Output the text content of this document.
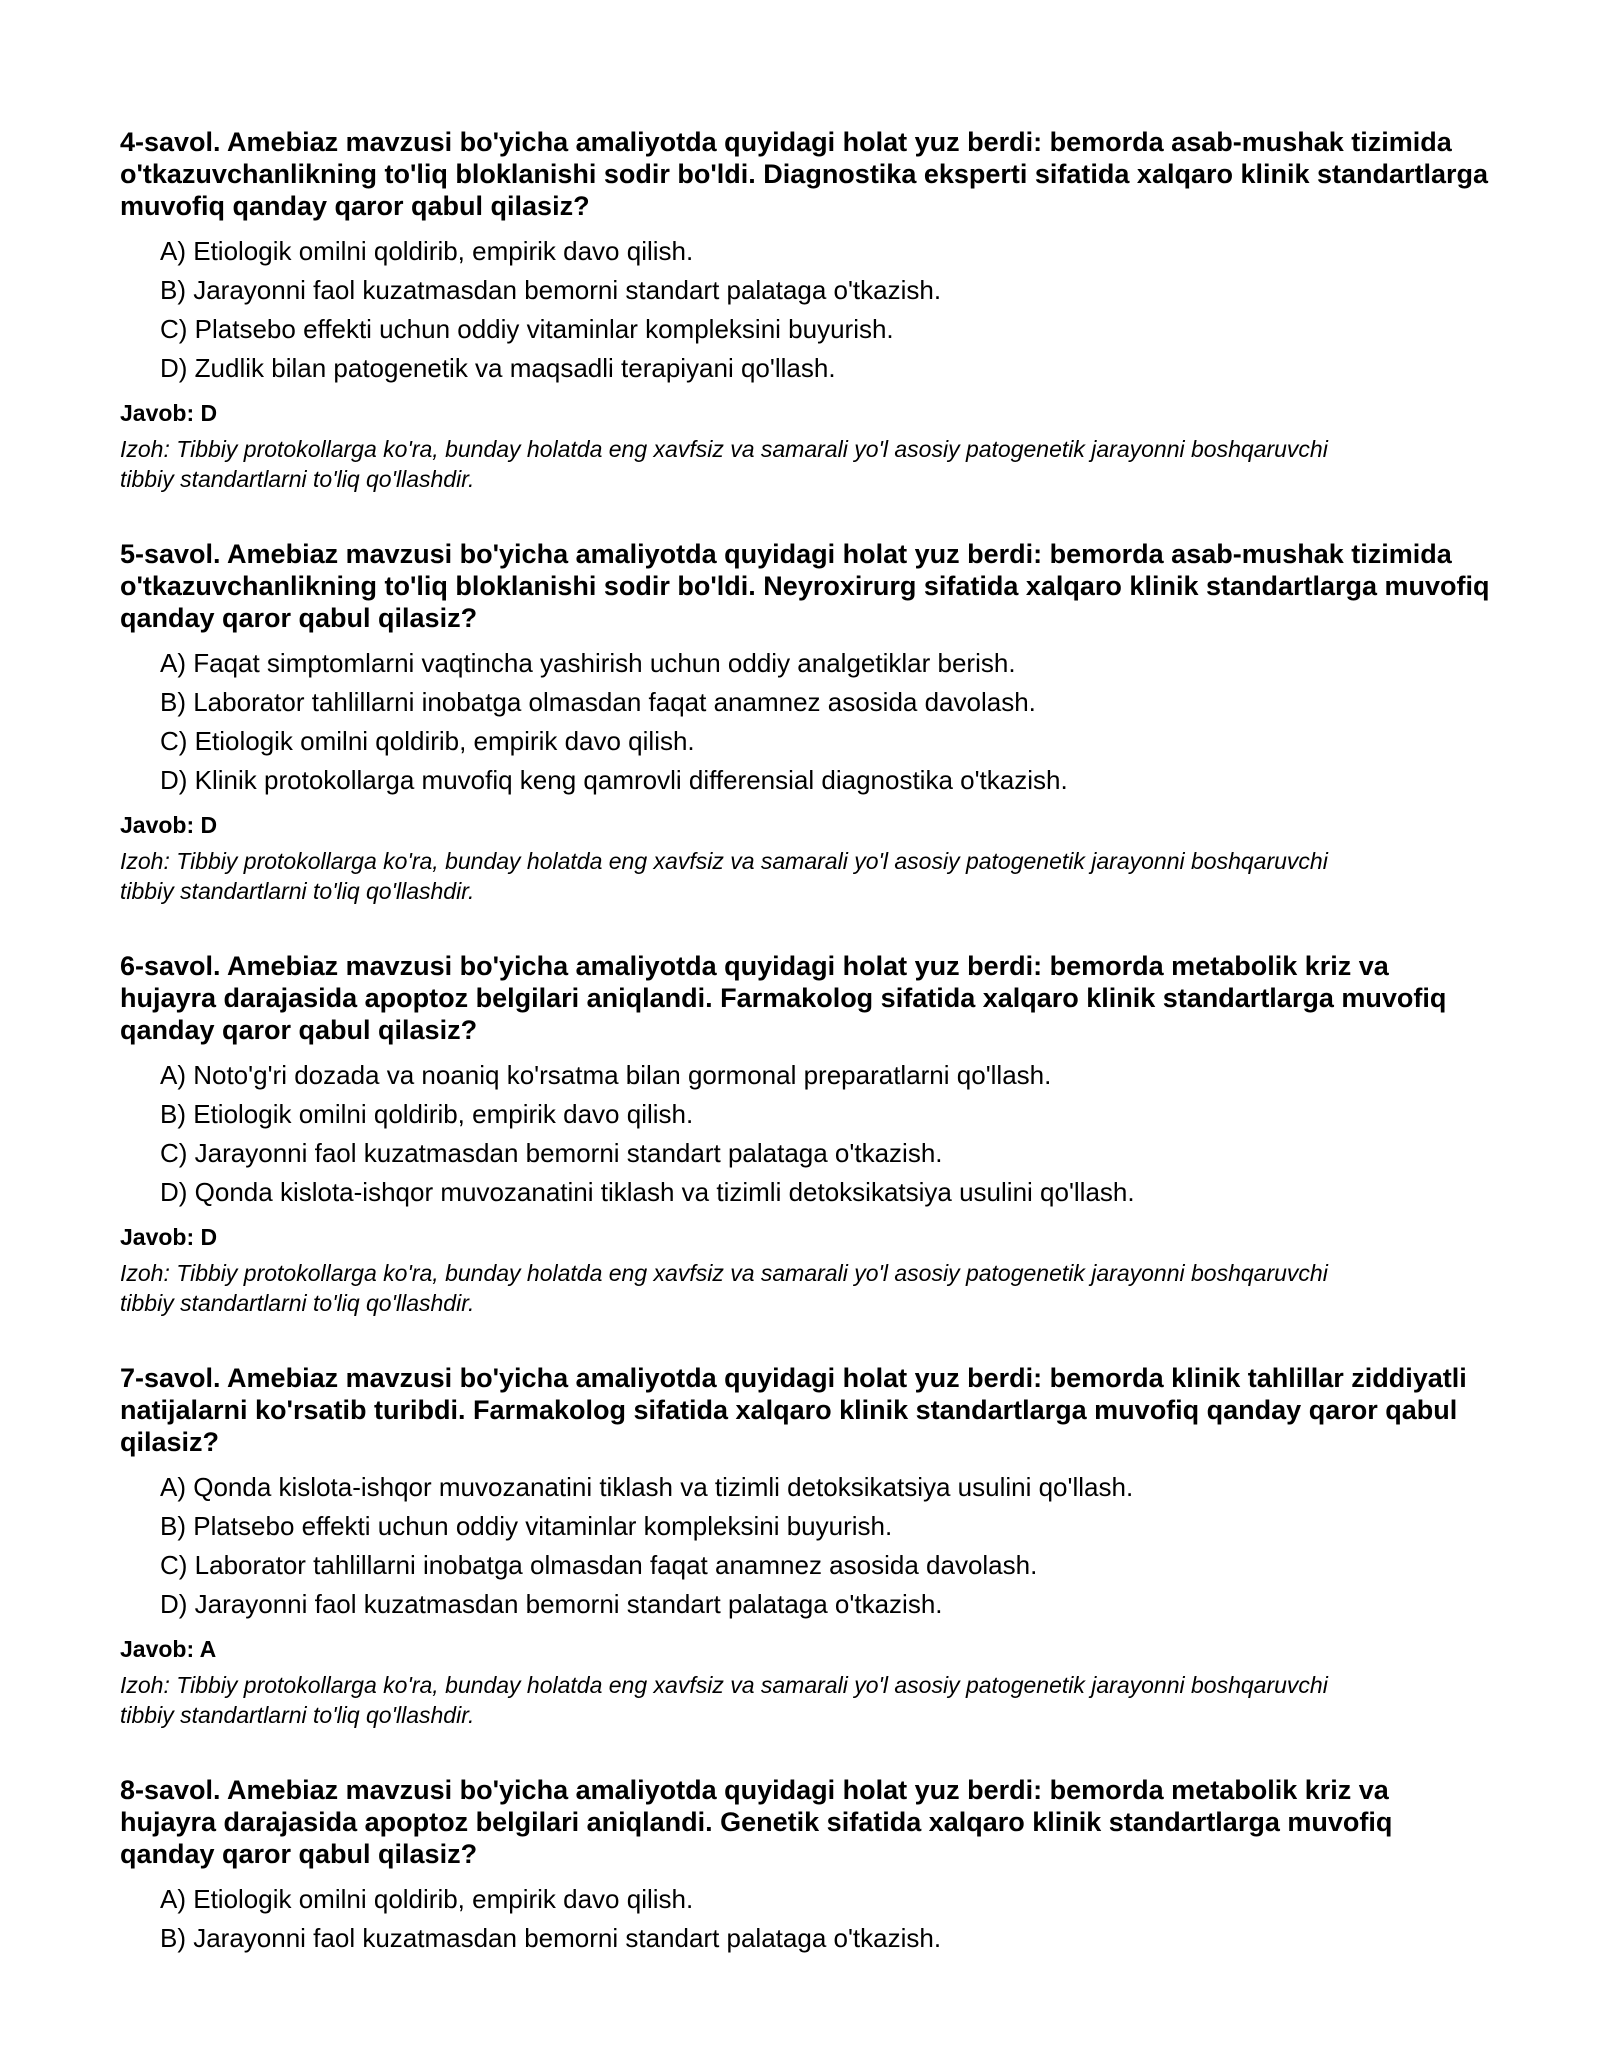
4-savol. Amebiaz mavzusi bo'yicha amaliyotda quyidagi holat yuz berdi: bemorda asab-mushak tizimida o'tkazuvchanlikning to'liq bloklanishi sodir bo'ldi. Diagnostika eksperti sifatida xalqaro klinik standartlarga muvofiq qanday qaror qabul qilasiz?

A) Etiologik omilni qoldirib, empirik davo qilish.
B) Jarayonni faol kuzatmasdan bemorni standart palataga o'tkazish.
C) Platsebo effekti uchun oddiy vitaminlar kompleksini buyurish.
D) Zudlik bilan patogenetik va maqsadli terapiyani qo'llash.

Javob: D

Izoh: Tibbiy protokollarga ko'ra, bunday holatda eng xavfsiz va samarali yo'l asosiy patogenetik jarayonni boshqaruvchi tibbiy standartlarni to'liq qo'llashdir.

5-savol. Amebiaz mavzusi bo'yicha amaliyotda quyidagi holat yuz berdi: bemorda asab-mushak tizimida o'tkazuvchanlikning to'liq bloklanishi sodir bo'ldi. Neyroxirurg sifatida xalqaro klinik standartlarga muvofiq qanday qaror qabul qilasiz?

A) Faqat simptomlarni vaqtincha yashirish uchun oddiy analgetiklar berish.
B) Laborator tahlillarni inobatga olmasdan faqat anamnez asosida davolash.
C) Etiologik omilni qoldirib, empirik davo qilish.
D) Klinik protokollarga muvofiq keng qamrovli differensial diagnostika o'tkazish.

Javob: D

Izoh: Tibbiy protokollarga ko'ra, bunday holatda eng xavfsiz va samarali yo'l asosiy patogenetik jarayonni boshqaruvchi tibbiy standartlarni to'liq qo'llashdir.

6-savol. Amebiaz mavzusi bo'yicha amaliyotda quyidagi holat yuz berdi: bemorda metabolik kriz va hujayra darajasida apoptoz belgilari aniqlandi. Farmakolog sifatida xalqaro klinik standartlarga muvofiq qanday qaror qabul qilasiz?

A) Noto'g'ri dozada va noaniq ko'rsatma bilan gormonal preparatlarni qo'llash.
B) Etiologik omilni qoldirib, empirik davo qilish.
C) Jarayonni faol kuzatmasdan bemorni standart palataga o'tkazish.
D) Qonda kislota-ishqor muvozanatini tiklash va tizimli detoksikatsiya usulini qo'llash.

Javob: D

Izoh: Tibbiy protokollarga ko'ra, bunday holatda eng xavfsiz va samarali yo'l asosiy patogenetik jarayonni boshqaruvchi tibbiy standartlarni to'liq qo'llashdir.

7-savol. Amebiaz mavzusi bo'yicha amaliyotda quyidagi holat yuz berdi: bemorda klinik tahlillar ziddiyatli natijalarni ko'rsatib turibdi. Farmakolog sifatida xalqaro klinik standartlarga muvofiq qanday qaror qabul qilasiz?

A) Qonda kislota-ishqor muvozanatini tiklash va tizimli detoksikatsiya usulini qo'llash.
B) Platsebo effekti uchun oddiy vitaminlar kompleksini buyurish.
C) Laborator tahlillarni inobatga olmasdan faqat anamnez asosida davolash.
D) Jarayonni faol kuzatmasdan bemorni standart palataga o'tkazish.

Javob: A

Izoh: Tibbiy protokollarga ko'ra, bunday holatda eng xavfsiz va samarali yo'l asosiy patogenetik jarayonni boshqaruvchi tibbiy standartlarni to'liq qo'llashdir.

8-savol. Amebiaz mavzusi bo'yicha amaliyotda quyidagi holat yuz berdi: bemorda metabolik kriz va hujayra darajasida apoptoz belgilari aniqlandi. Genetik sifatida xalqaro klinik standartlarga muvofiq qanday qaror qabul qilasiz?

A) Etiologik omilni qoldirib, empirik davo qilish.
B) Jarayonni faol kuzatmasdan bemorni standart palataga o'tkazish.
